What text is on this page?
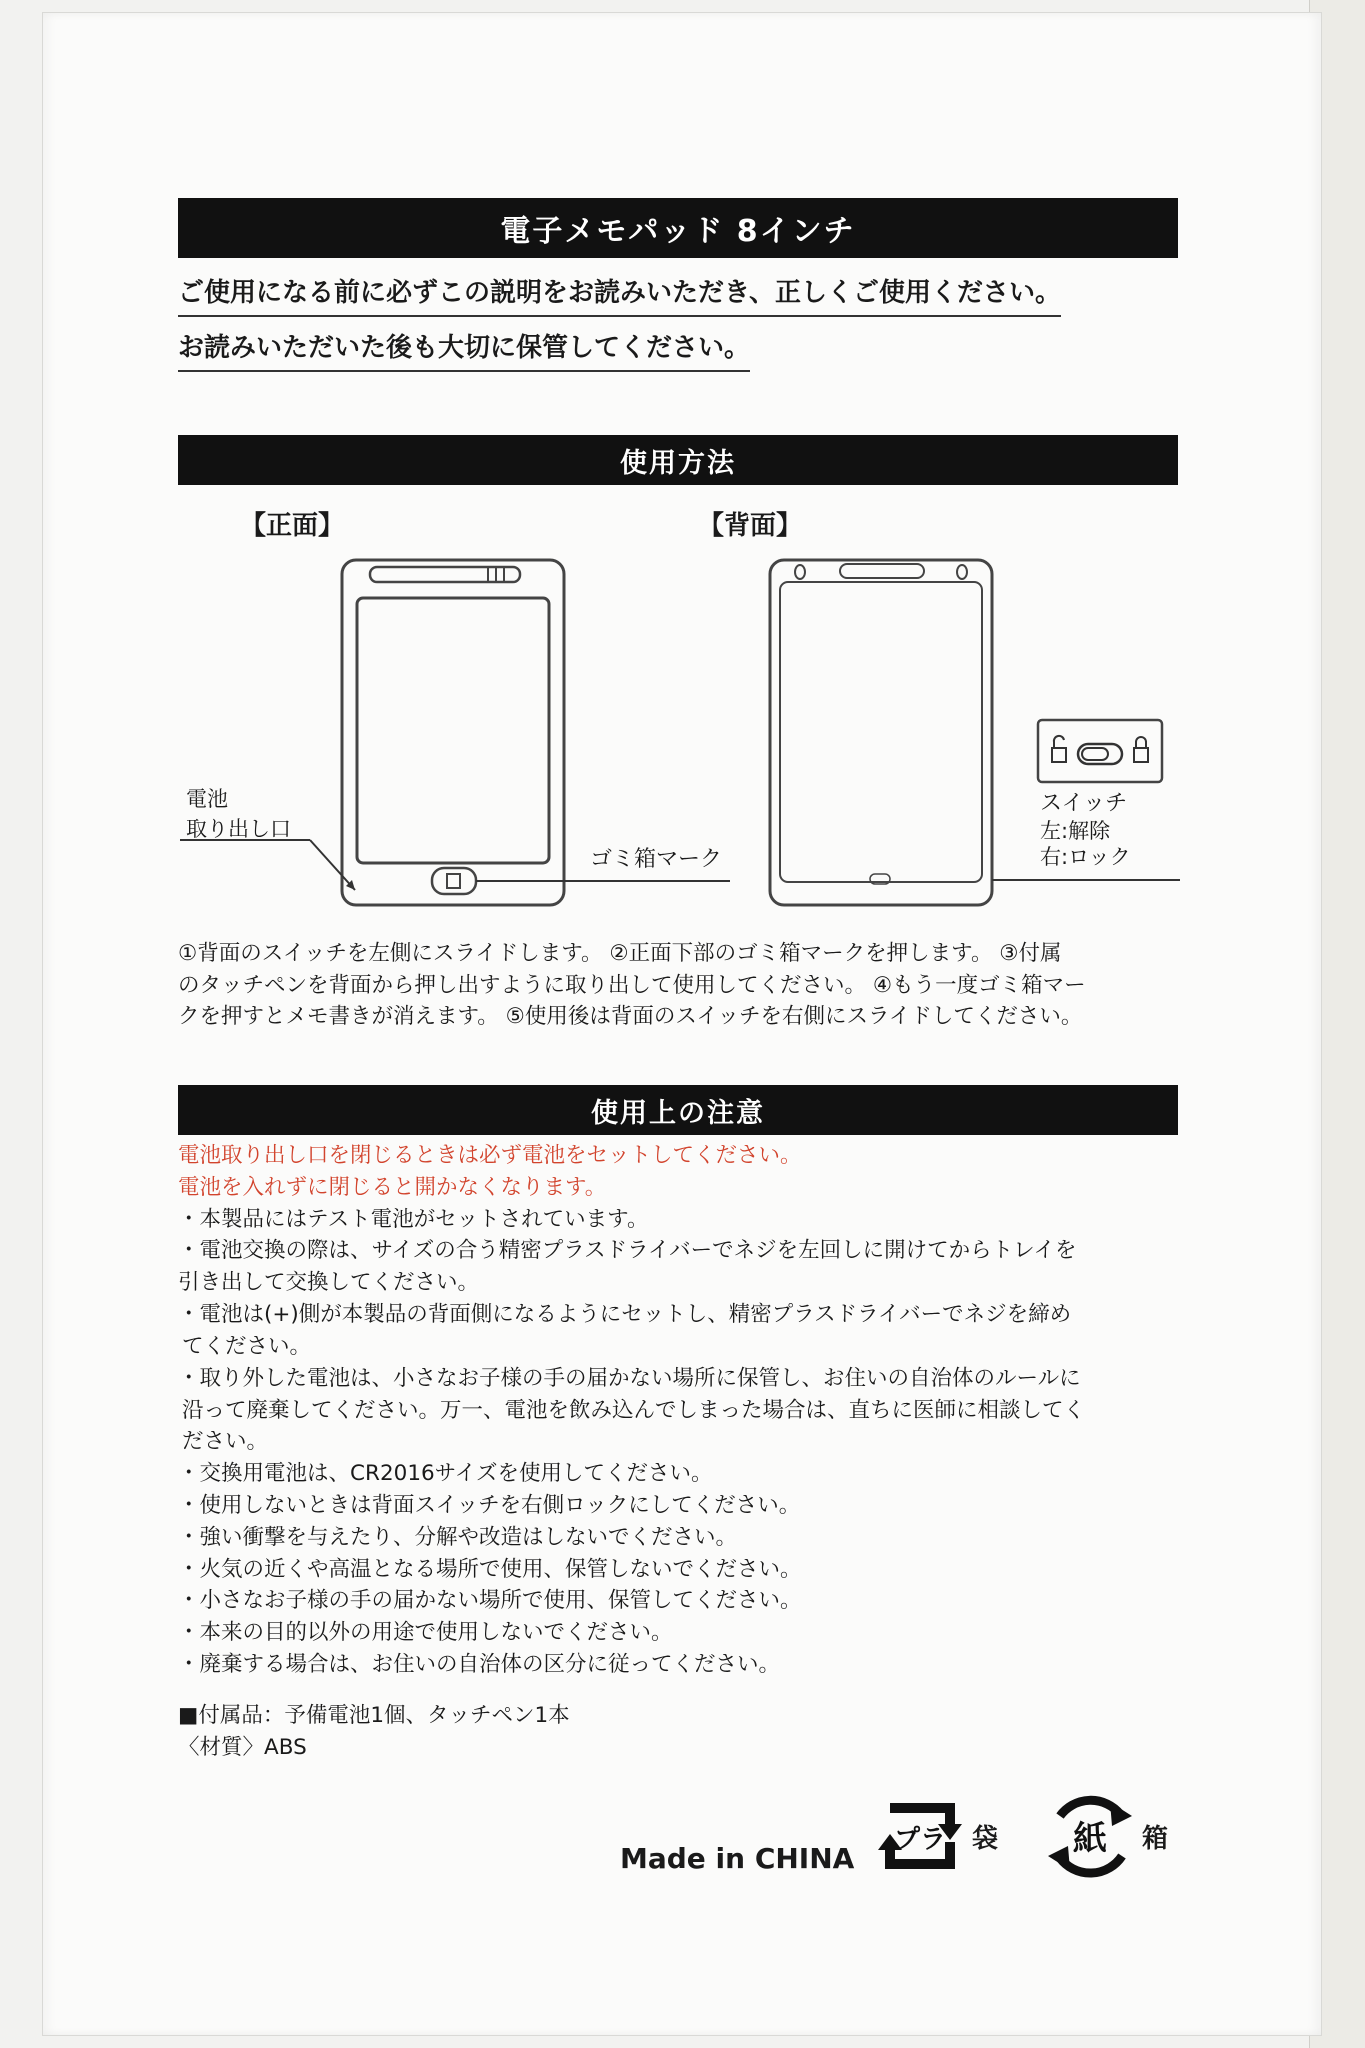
電子メモパッド 8インチ
ご使用になる前に必ずこの説明をお読みいただき、正しくご使用ください。
お読みいただいた後も大切に保管してください。
使用方法
【正面】	【背面】
電池
取り出し口
ゴミ箱マーク
スイッチ
左:解除
右:ロック

①背面のスイッチを左側にスライドします。 ②正面下部のゴミ箱マークを押します。 ③付属

のタッチペンを背面から押し出すように取り出して使用してください。 ④もう一度ゴミ箱マー

クを押すとメモ書きが消えます。 ⑤使用後は背面のスイッチを右側にスライドしてください。

使用上の注意

電池取り出し口を閉じるときは必ず電池をセットしてください。

電池を入れずに閉じると開かなくなります。

・ 本製品にはテスト電池がセットされています。
・ 電池交換の際は、サイズの合う精密プラスドライバーでネジを左回しに開けてからトレイを
引き出して交換してください。
・ 電池は(+)側が本製品の背面側になるようにセットし、精密プラスドライバーでネジを締め
てください。
・ 取り外した電池は、小さなお子様の手の届かない場所に保管し、お住いの自治体のルールに
沿って廃棄してください。万一、電池を飲み込んでしまった場合は、直ちに医師に相談してく
ださい。
・ 交換用電池は、CR2016サイズを使用してください。
・ 使用しないときは背面スイッチを右側ロックにしてください。
・ 強い衝撃を与えたり、分解や改造はしないでください。
・ 火気の近くや高温となる場所で使用、保管しないでください。
・ 小さなお子様の手の届かない場所で使用、保管してください。
・ 本来の目的以外の用途で使用しないでください。
・ 廃棄する場合は、お住いの自治体の区分に従ってください。
■付属品：予備電池1個、タッチペン1本
〈材質〉ABS
Made in CHINA
プラ 袋 紙 箱
